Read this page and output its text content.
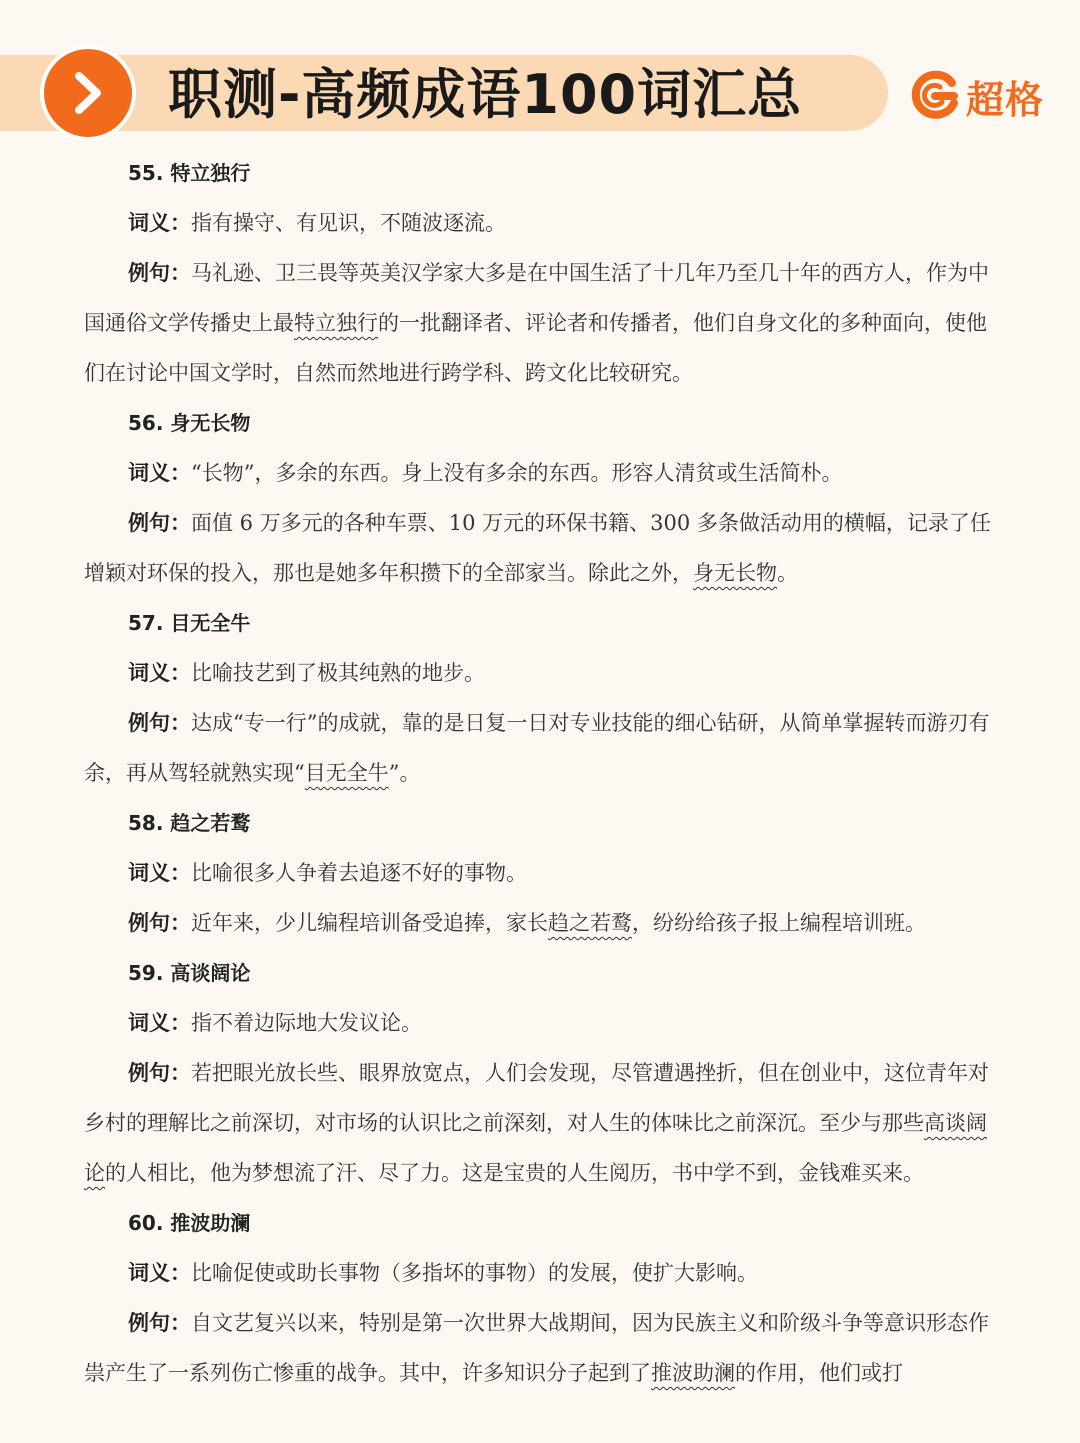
职测-高频成语100词汇总	超格
55. 特立独行

词义：指有操守、有见识，不随波逐流。

例句：马礼逊、卫三畏等英美汉学家大多是在中国生活了十几年乃至几十年的西方人，作为中国通俗文学传播史上最特立独行的一批翻译者、评论者和传播者，他们自身文化的多种面向，使他们在讨论中国文学时，自然而然地进行跨学科、跨文化比较研究。

56. 身无长物

词义：“长物”，多余的东西。身上没有多余的东西。形容人清贫或生活简朴。

例句：面值 6 万多元的各种车票、10 万元的环保书籍、300 多条做活动用的横幅，记录了任增颖对环保的投入，那也是她多年积攒下的全部家当。除此之外，身无长物。

57. 目无全牛

词义：比喻技艺到了极其纯熟的地步。

例句：达成“专一行”的成就，靠的是日复一日对专业技能的细心钻研，从简单掌握转而游刃有余，再从驾轻就熟实现“目无全牛”。

58. 趋之若鹜

词义：比喻很多人争着去追逐不好的事物。

例句：近年来，少儿编程培训备受追捧，家长趋之若鹜，纷纷给孩子报上编程培训班。

59. 高谈阔论

词义：指不着边际地大发议论。

例句：若把眼光放长些、眼界放宽点，人们会发现，尽管遭遇挫折，但在创业中，这位青年对乡村的理解比之前深切，对市场的认识比之前深刻，对人生的体味比之前深沉。至少与那些高谈阔论的人相比，他为梦想流了汗、尽了力。这是宝贵的人生阅历，书中学不到，金钱难买来。

60. 推波助澜

词义：比喻促使或助长事物（多指坏的事物）的发展，使扩大影响。

例句：自文艺复兴以来，特别是第一次世界大战期间，因为民族主义和阶级斗争等意识形态作祟产生了一系列伤亡惨重的战争。其中，许多知识分子起到了推波助澜的作用，他们或打
